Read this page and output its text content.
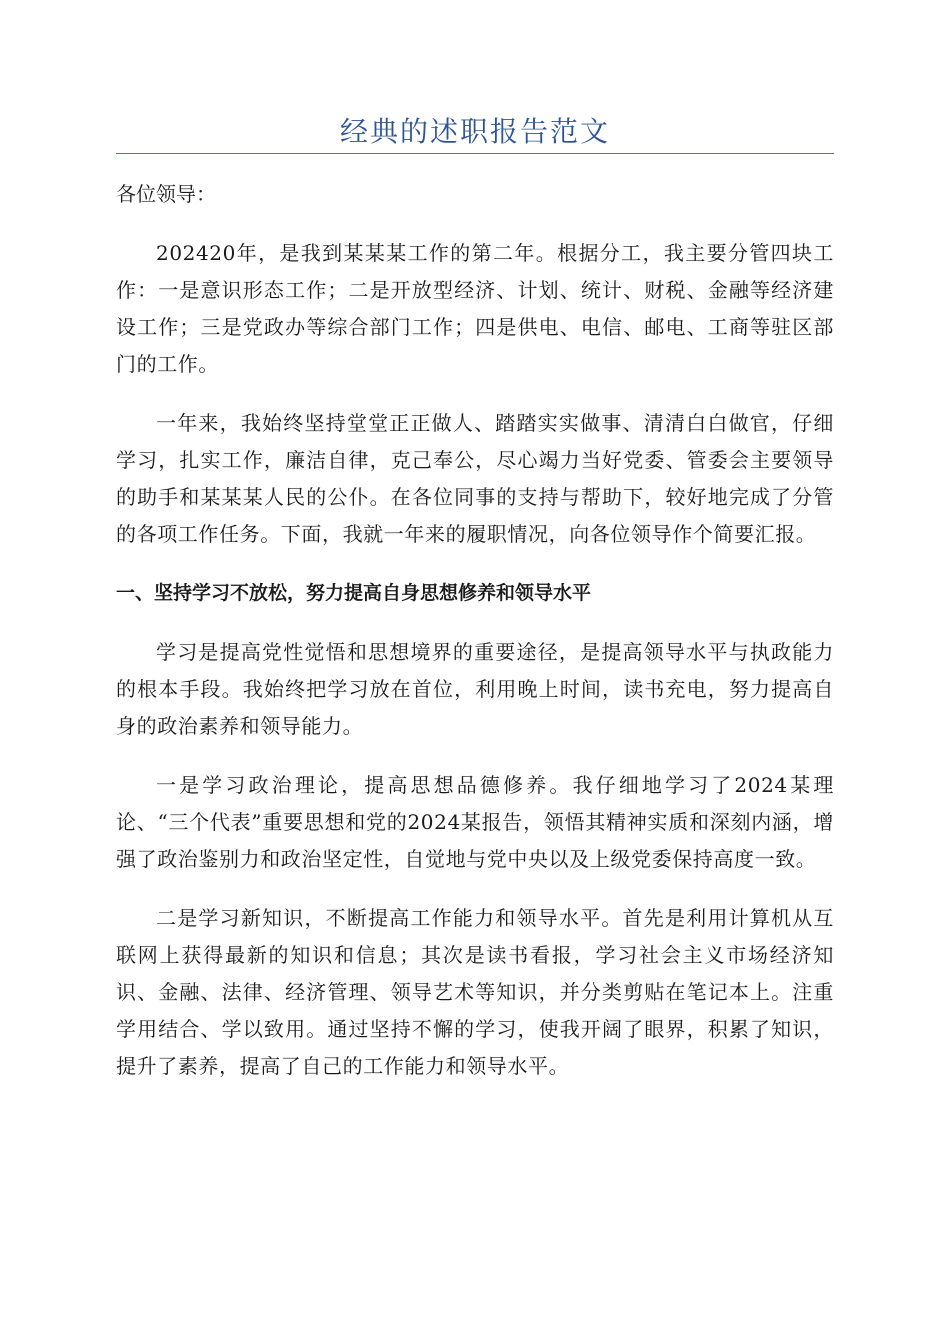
经典的述职报告范文

各位领导：

202420年，是我到某某某工作的第二年。根据分工，我主要分管四块工作：一是意识形态工作；二是开放型经济、计划、统计、财税、金融等经济建设工作；三是党政办等综合部门工作；四是供电、电信、邮电、工商等驻区部门的工作。

一年来，我始终坚持堂堂正正做人、踏踏实实做事、清清白白做官，仔细学习，扎实工作，廉洁自律，克己奉公，尽心竭力当好党委、管委会主要领导的助手和某某某人民的公仆。在各位同事的支持与帮助下，较好地完成了分管的各项工作任务。下面，我就一年来的履职情况，向各位领导作个简要汇报。

一、坚持学习不放松，努力提高自身思想修养和领导水平

学习是提高党性觉悟和思想境界的重要途径，是提高领导水平与执政能力的根本手段。我始终把学习放在首位，利用晚上时间，读书充电，努力提高自身的政治素养和领导能力。

一是学习政治理论，提高思想品德修养。我仔细地学习了2024某理论、“三个代表”重要思想和党的2024某报告，领悟其精神实质和深刻内涵，增强了政治鉴别力和政治坚定性，自觉地与党中央以及上级党委保持高度一致。

二是学习新知识，不断提高工作能力和领导水平。首先是利用计算机从互联网上获得最新的知识和信息；其次是读书看报，学习社会主义市场经济知识、金融、法律、经济管理、领导艺术等知识，并分类剪贴在笔记本上。注重学用结合、学以致用。通过坚持不懈的学习，使我开阔了眼界，积累了知识，提升了素养，提高了自己的工作能力和领导水平。
